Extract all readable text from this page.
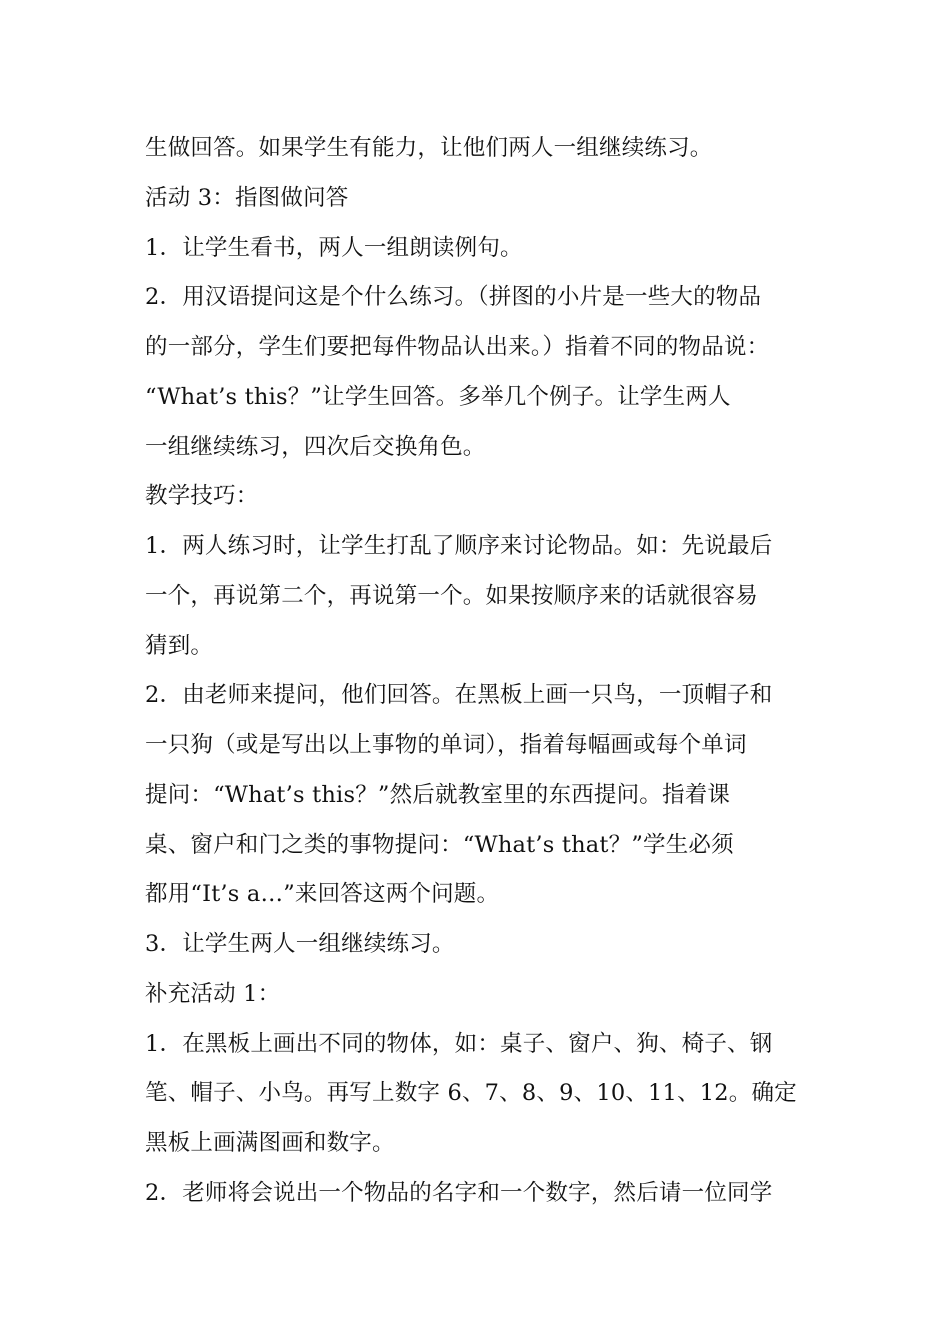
生做回答。如果学生有能力，让他们两人一组继续练习。
活动 3：指图做问答
1．让学生看书，两人一组朗读例句。
2．用汉语提问这是个什么练习。（拼图的小片是一些大的物品
的一部分，学生们要把每件物品认出来。）指着不同的物品说：
“What’s this？”让学生回答。多举几个例子。让学生两人
一组继续练习，四次后交换角色。
教学技巧：
1．两人练习时，让学生打乱了顺序来讨论物品。如：先说最后
一个，再说第二个，再说第一个。如果按顺序来的话就很容易
猜到。
2．由老师来提问，他们回答。在黑板上画一只鸟，一顶帽子和
一只狗（或是写出以上事物的单词），指着每幅画或每个单词
提问：“What’s this？”然后就教室里的东西提问。指着课
桌、窗户和门之类的事物提问：“What’s that？”学生必须
都用“It’s a…”来回答这两个问题。
3．让学生两人一组继续练习。
补充活动 1：
1．在黑板上画出不同的物体，如：桌子、窗户、狗、椅子、钢
笔、帽子、小鸟。再写上数字 6、7、8、9、10、11、12。确定
黑板上画满图画和数字。
2．老师将会说出一个物品的名字和一个数字，然后请一位同学
